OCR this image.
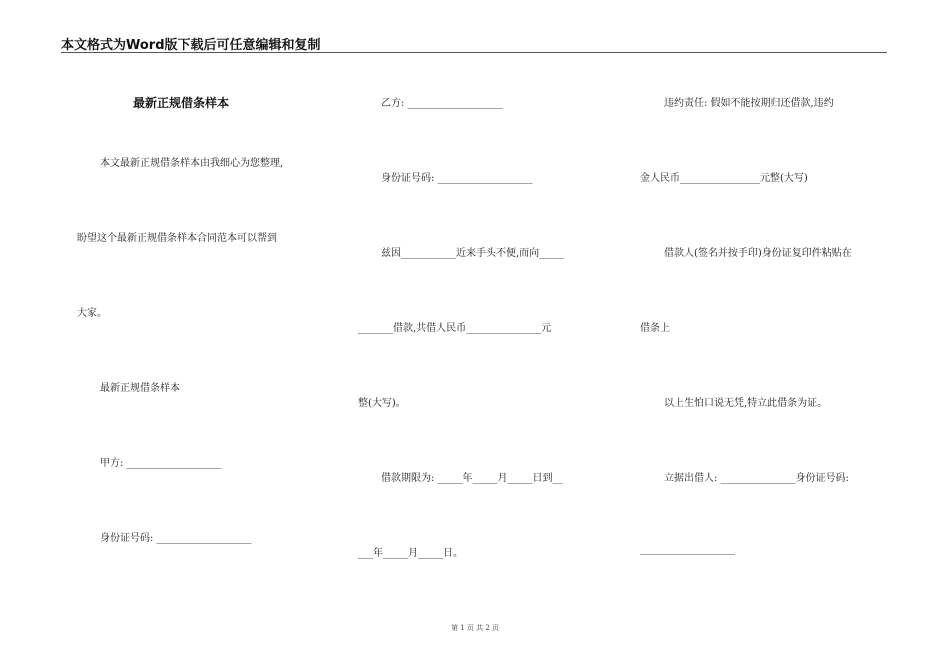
本文格式为Word版下载后可任意编辑和复制
最新正规借条样本
本文最新正规借条样本由我细心为您整理,
盼望这个最新正规借条样本合同范本可以帮到
大家。
最新正规借条样本
甲方: ___________________
身份证号码: ___________________
乙方: ___________________
身份证号码: ___________________
兹因___________近来手头不便,而向_____
_______借款,共借人民币_______________元
整(大写)。
借款期限为: _____年_____月_____日到__
___年_____月_____日。
违约责任: 假如不能按期归还借款,违约
金人民币________________元整(大写)
借款人(签名并按手印)身份证复印件粘贴在
借条上
以上生怕口说无凭,特立此借条为证。
立据出借人: _______________身份证号码:
___________________
第 1 页 共 2 页
